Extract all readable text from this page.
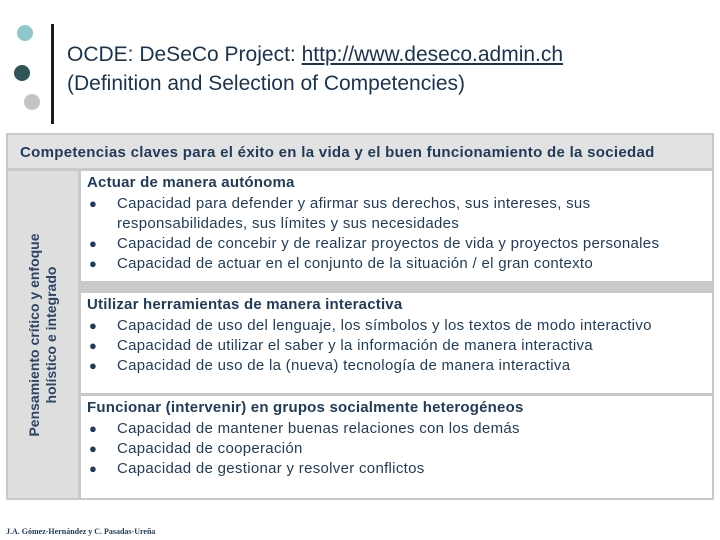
OCDE: DeSeCo Project: http://www.deseco.admin.ch
(Definition and Selection of Competencies)
Competencias claves para el éxito en la vida y el buen funcionamiento de la sociedad
Pensamiento crítico y enfoque
holístico e integrado
Actuar de manera autónoma
● Capacidad para defender y afirmar sus derechos, sus intereses, sus responsabilidades, sus límites y sus necesidades
● Capacidad de concebir y de realizar proyectos de vida y proyectos personales
● Capacidad de actuar en el conjunto de la situación / el gran contexto
Utilizar herramientas de manera interactiva
● Capacidad de uso del lenguaje, los símbolos y los textos de modo interactivo
● Capacidad de utilizar el saber y la información de manera interactiva
● Capacidad de uso de la (nueva) tecnología de manera interactiva
Funcionar (intervenir) en grupos socialmente heterogéneos
● Capacidad de mantener buenas relaciones con los demás
● Capacidad de cooperación
● Capacidad de gestionar y resolver conflictos
J.A. Gómez-Hernández y C. Pasadas-Ureña
